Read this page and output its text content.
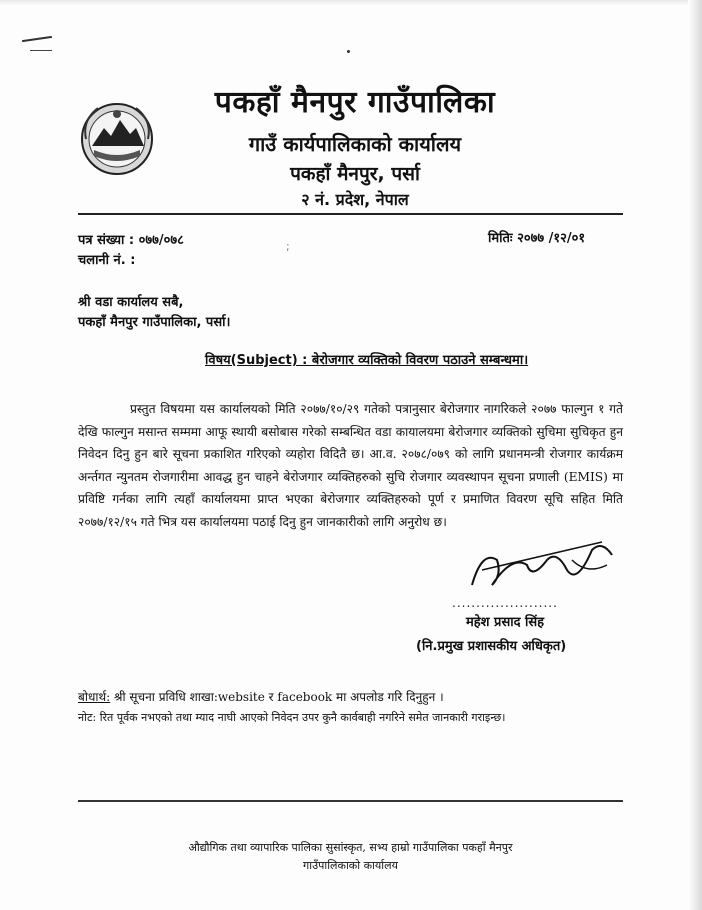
पकहाँ मैनपुर गाउँपालिका
गाउँ कार्यपालिकाको कार्यालय
पकहाँ मैनपुर, पर्सा
२ नं. प्रदेश, नेपाल
पत्र संख्या : ०७७/०७८
चलानी नं. :
मितिः २०७७ /१२/०१
;
श्री वडा कार्यालय सबै,
पकहाँ मैनपुर गाउँपालिका, पर्सा।
विषय(Subject) : बेरोजगार व्यक्तिको विवरण पठाउने सम्बन्धमा।
प्रस्तुत विषयमा यस कार्यालयको मिति २०७७/१०/२९ गतेको पत्रानुसार बेरोजगार नागरिकले २०७७ फाल्गुन १ गते देखि फाल्गुन मसान्त सम्ममा आफू स्थायी बसोबास गरेको सम्बन्धित वडा कायालयमा बेरोजगार व्यक्तिको सुचिमा सुचिकृत हुन निवेदन दिनु हुन बारे सूचना प्रकाशित गरिएको व्यहोरा विदितै छ। आ.व. २०७८/०७९ को लागि प्रधानमन्त्री रोजगार कार्यक्रम अर्न्तगत न्युनतम रोजगारीमा आवद्ध हुन चाहने बेरोजगार व्यक्तिहरुको सुचि रोजगार व्यवस्थापन सूचना प्रणाली (EMIS) मा प्रविष्टि गर्नका लागि त्यहाँ कार्यालयमा प्राप्त भएका बेरोजगार व्यक्तिहरुको पूर्ण र प्रमाणित विवरण सूचि सहित मिति २०७७/१२/१५ गते भित्र यस कार्यालयमा पठाई दिनु हुन जानकारीको लागि अनुरोध छ।
......................
महेश प्रसाद सिंह
(नि.प्रमुख प्रशासकीय अधिकृत)
बोधार्थ: श्री सूचना प्रविधि शाखा:website र facebook मा अपलोड गरि दिनुहुन ।
नोट: रित पूर्वक नभएको तथा म्याद नाघी आएको निवेदन उपर कुनै कार्वबाही नगरिने समेत जानकारी गराइन्छ।
औद्यौगिक तथा व्यापारिक पालिका सुसांस्कृत, सभ्य हाम्रो गाउँपालिका पकहाँ मैनपुर
गाउँपालिकाको कार्यालय
